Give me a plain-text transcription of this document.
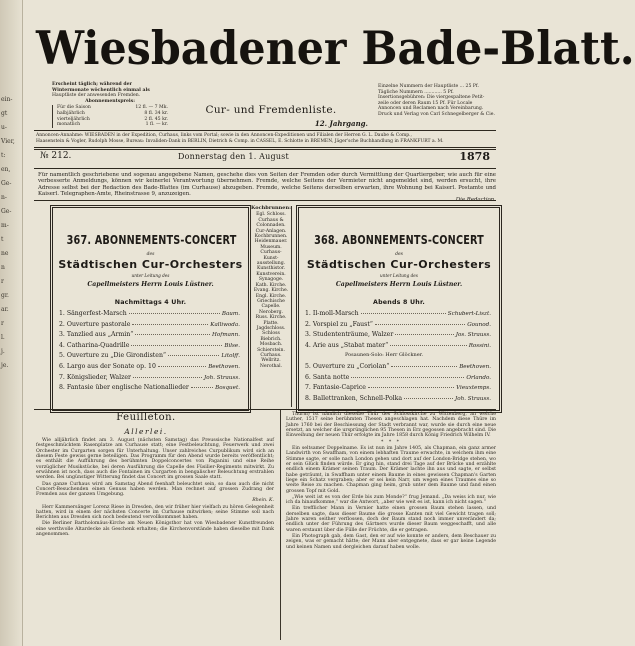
ein-
gt
u-
Vier,
t:
en,
Ge-
n-
Ge-
m-
t
ne
n
r
gr.
ar.
r
l.
j.
je.
Wiesbadener Bade-Blatt.
Erscheint täglich; während der Wintermonate wöchentlich einmal als
Hauptliste der anwesenden Fremden.
Abonnementspreis:
Für die Saison	12 fl. — 7 Mk.
halbjährlich	8 fl. 34 kr.
vierteljährlich	2 fl. 45 kr.
monatlich	1 fl. — kr.
Cur- und Fremdenliste.
12. Jahrgang.
Einzelne Nummern der Hauptliste ... 25 Pf.
Tägliche Nummern ............ 5 Pf.
Insertionsgebühren: Die viergespaltene Petit-
zeile oder deren Raum 15 Pf. Für Locale
Annoncen und Reclamen nach Vereinbarung.
Druck und Verlag von Carl Schnegelberger & Cie.
Annoncen-Annahme: WIESBADEN in der Expedition, Curhaus, links vom Portal; sowie in den Annoncen-Expeditionen und Filialen der Herren G. L. Daube & Comp.,
Haasenstein & Vogler, Rudolph Mosse, Bureau: Invaliden-Dank in BERLIN, Dietrich & Comp. in CASSEL, E. Schlotte in BREMEN, Jäger'sche Buchhandlung in FRANKFURT a. M.
№ 212.	Donnerstag den 1. August	1878

Für namentlich geschriebene und sogenau angegebene Namen, geschehe dies von Seiten der Fremden oder durch Vermittlung der Quartiergeber, wie auch für eine verbesserte Anmeldungs, können wir keinerlei Verantwortung übernehmen. Fremde, welche Seitens der Vermieter nicht angemeldet sind, werden ersucht, ihre Adresse selbst bei der Redaction des Bade-Blattes (im Curhause) abzugeben. Fremde, welche Seitens derselben erwarten, ihre Wohnung bei Kaiserl. Postamte und Kaiserl. Telegraphen-Amte, Rheinstrasse 9, anzuzeigen.

Die Redaction.

367. ABONNEMENTS-CONCERT
des
Städtischen Cur-Orchesters
unter Leitung des
Capellmeisters Herrn Louis Lüstner.
Nachmittags 4 Uhr.
1. Sängerfest-Marsch	Baum.
2. Ouverture pastorale	Kalliwoda.
3. Tanzlied aus „Armin“	Hofmann.
4. Catharina-Quadrille	Bilse.
5. Ouverture zu „Die Girondisten“	Litolff.
6. Largo aus der Sonate op. 10	Beethoven.
7. Königslieder, Walzer	Joh. Strauss.
8. Fantasie über englische Nationallieder	Bosquet.
Kochbrunnen:
Egl. Schloss.
Curhaus &
Colonnaden.
Cur-Anlagen.
Kochbrunnen.
Heidenmauer.
Museum.
Curhaus-
Kunst-
ausstellung.
Kunsthistor.
Kunstverein.
Synagoge.
Kath. Kirche.
Evang. Kirche.
Engl. Kirche.
Griechische
Capelle.
Neroberg.
Russ. Kirche.
Platte.
Jagdschloss.
Schloss
Biebrich.
Mosbach.
Schierstein.
Curhaus.
Wellritz.
Nerothal.
368. ABONNEMENTS-CONCERT
des
Städtischen Cur-Orchesters
unter Leitung des
Capellmeisters Herrn Louis Lüstner.
Abends 8 Uhr.
1. Il-moll-Marsch	Schubert-Liszt.
2. Vorspiel zu „Faust“	Gounod.
3. Studententräume, Walzer	Jos. Strauss.
4. Arie aus „Stabat mater“	Rossini.
Posaunen-Solo: Herr Glöckner.
5. Ouverture zu „Coriolan“	Beethoven.
6. Santa notte	Orlando.
7. Fantasie-Caprice	Vieuxtemps.
8. Ballettranken, Schnell-Polka	Joh. Strauss.
Feuilleton.
Allerlei.

Wie alljährlich findet am 3. August (nächsten Samstag) das Preussische Nationalfest auf festgeschmücktem Rasenplatze am Curhause statt; eine Festbeleuchtung, Feuerwerk und zwei Orchester im Curgarten sorgen für Unterhaltung. Unser zahlreiches Curpublikum wird sich an diesem Feste gewiss gerne beteiligen. Das Programm für den Abend wurde bereits veröffentlicht; es enthält die Aufführung des berühmten Doppelconcertes von Paganini und eine Reihe vorzüglicher Musikstücke, bei deren Ausführung die Capelle des Füsilier-Regiments mitwirkt. Zu erwähnen ist noch, dass auch die Fontainen im Curgarten in bengalischer Beleuchtung erstrahlen werden. Bei ungünstiger Witterung findet das Concert im grossen Saale statt.

Das ganze Curhaus wird am Samstag Abend feenhaft beleuchtet sein, so dass auch die nicht Concert-Besuchenden einen Genuss haben werden. Man rechnet auf grossen Zudrang der Fremden aus der ganzen Umgebung.

Rhein. K.

Herr Kammersänger Lorenz Riese in Dresden, den wir früher hier vielfach zu hören Gelegenheit hatten, wird in einem der nächsten Concerte im Curhause mitwirken; seine Stimme soll nach Berichten aus Dresden sich noch bedeutend vervollkommnet haben.

Die Berliner Bartholomäus-Kirche am Neuen Königsthor hat von Wiesbadener Kunstfreunden eine werthvolle Altardecke als Geschenk erhalten; die Kirchenvorstände haben dieselbe mit Dank angenommen.

Thurm) ist nämlich dieselbe Thür des Schlosskirche zu Wittenberg, an welche Luther, 1517 seine berühmten Thesen angeschlagen hat. Nachdem diese Thüre im Jahre 1760 bei der Beschiessung der Stadt verbrannt war, wurde sie durch eine neue ersetzt, an welcher die ursprünglichen 95 Thesen in Erz gegossen angebracht sind. Die Einweihung der neuen Thür erfolgte im Jahre 1858 durch König Friedrich Wilhelm IV.

* * *

Ein seltsamer Doppelname. Es ist nun im Jahre 1405, als Chapman, ein ganz armer Landwirth von Swaffham, von einem lebhaften Traume erwachte, in welchem ihm eine Stimme sagte, er solle nach London gehen und dort auf der London-Bridge stehen, wo er sein Glück finden würde. Er ging hin, stand drei Tage auf der Brücke und erzählte endlich einem Krämer seinen Traum. Der Krämer lachte ihn aus und sagte, er selbst habe geträumt, in Swaffham unter einem Baume in eines gewissen Chapman's Garten liege ein Schatz vergraben; aber er sei kein Narr, um wegen eines Traumes eine so weite Reise zu machen. Chapman ging heim, grub unter dem Baume und fand einen grossen Topf mit Gold.

„Wie weit ist es von der Erde bis zum Monde?“ frug Jemand. „Da weiss ich nur, wie ich da hinaufkomme,“ war die Antwort, „aber wie weit es ist, kann ich nicht sagen.“

Ein trefflicher Mann in Vernier hatte einen grossen Baum stehen lassen, und derselben sagte, dass dieser Baume die grosse Kanten mit viel Gewicht tragen soll; Jahre waren seither verflossen, doch der Baum stand noch immer unverändert da; endlich unter der Führung des Gärtners wurde dieser Baum weggeschafft, und alle waren erstaunt über die Fülle der Früchte, die er getragen.

Ein Photograph gab, dem Gast, den er auf wie konnte er anders, dem Beschauer zu zeigen, was er gemacht hätte; der Mann aber entgegnete, dass er gar keine Legende und keinen Namen und dergleichen darauf haben wolle.
